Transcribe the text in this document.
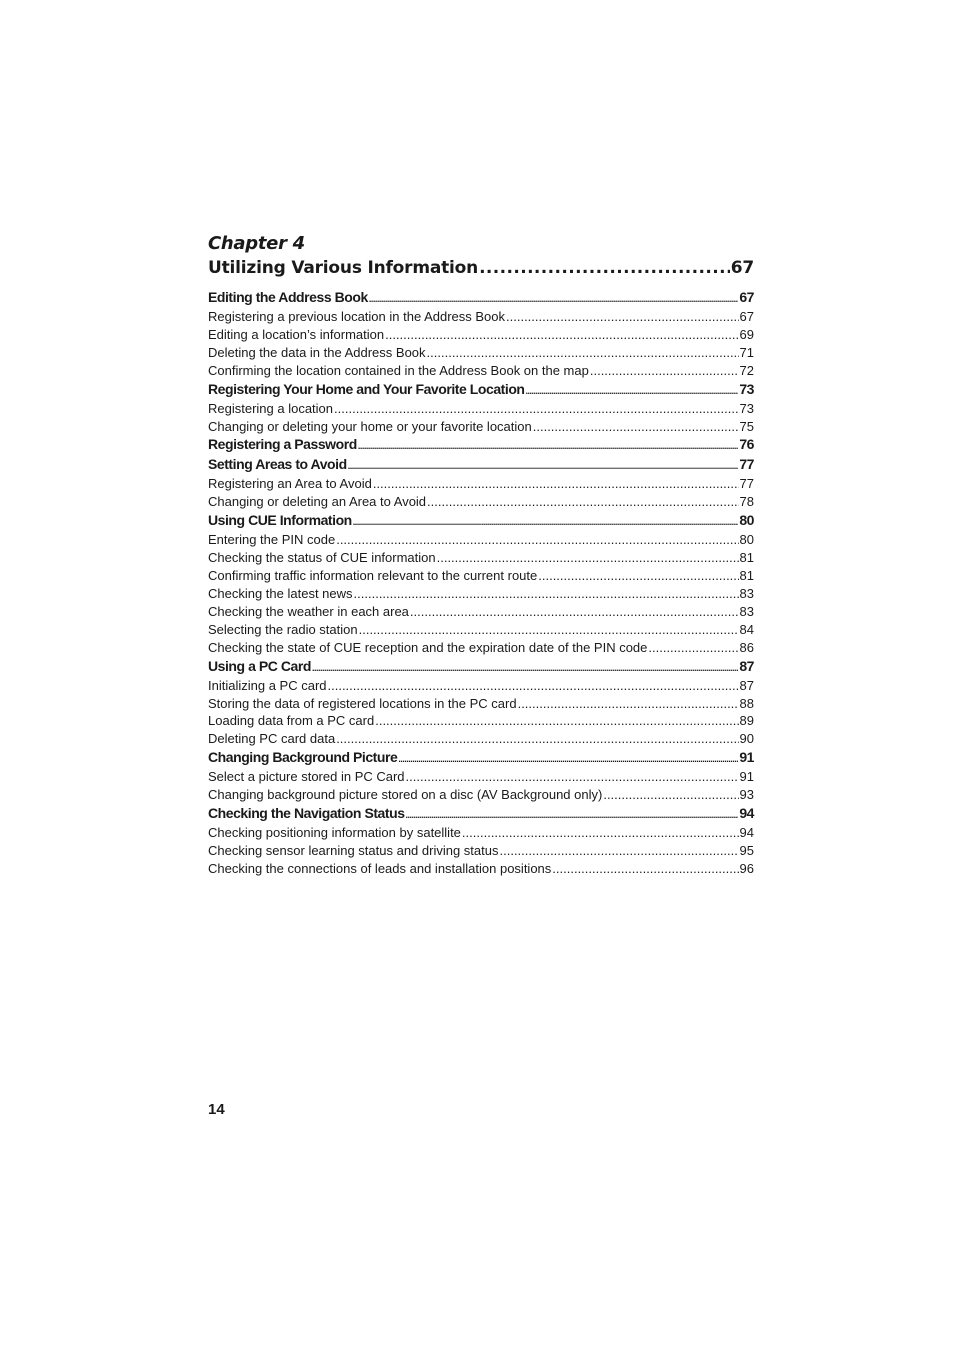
Chapter 4
Utilizing Various Information .....	67
Editing the Address Book .....	67
Registering a previous location in the Address Book .....	67
Editing a location’s information .....	69
Deleting the data in the Address Book .....	71
Confirming the location contained in the Address Book on the map .....	72
Registering Your Home and Your Favorite Location .....	73
Registering a location .....	73
Changing or deleting your home or your favorite location .....	75
Registering a Password .....	76
Setting Areas to Avoid .....	77
Registering an Area to Avoid .....	77
Changing or deleting an Area to Avoid .....	78
Using CUE Information .....	80
Entering the PIN code .....	80
Checking the status of CUE information .....	81
Confirming traffic information relevant to the current route .....	81
Checking the latest news .....	83
Checking the weather in each area .....	83
Selecting the radio station .....	84
Checking the state of CUE reception and the expiration date of the PIN code .....	86
Using a PC Card .....	87
Initializing a PC card .....	87
Storing the data of registered locations in the PC card .....	88
Loading data from a PC card .....	89
Deleting PC card data .....	90
Changing Background Picture .....	91
Select a picture stored in PC Card .....	91
Changing background picture stored on a disc (AV Background only) .....	93
Checking the Navigation Status .....	94
Checking positioning information by satellite .....	94
Checking sensor learning status and driving status .....	95
Checking the connections of leads and installation positions .....	96
14
